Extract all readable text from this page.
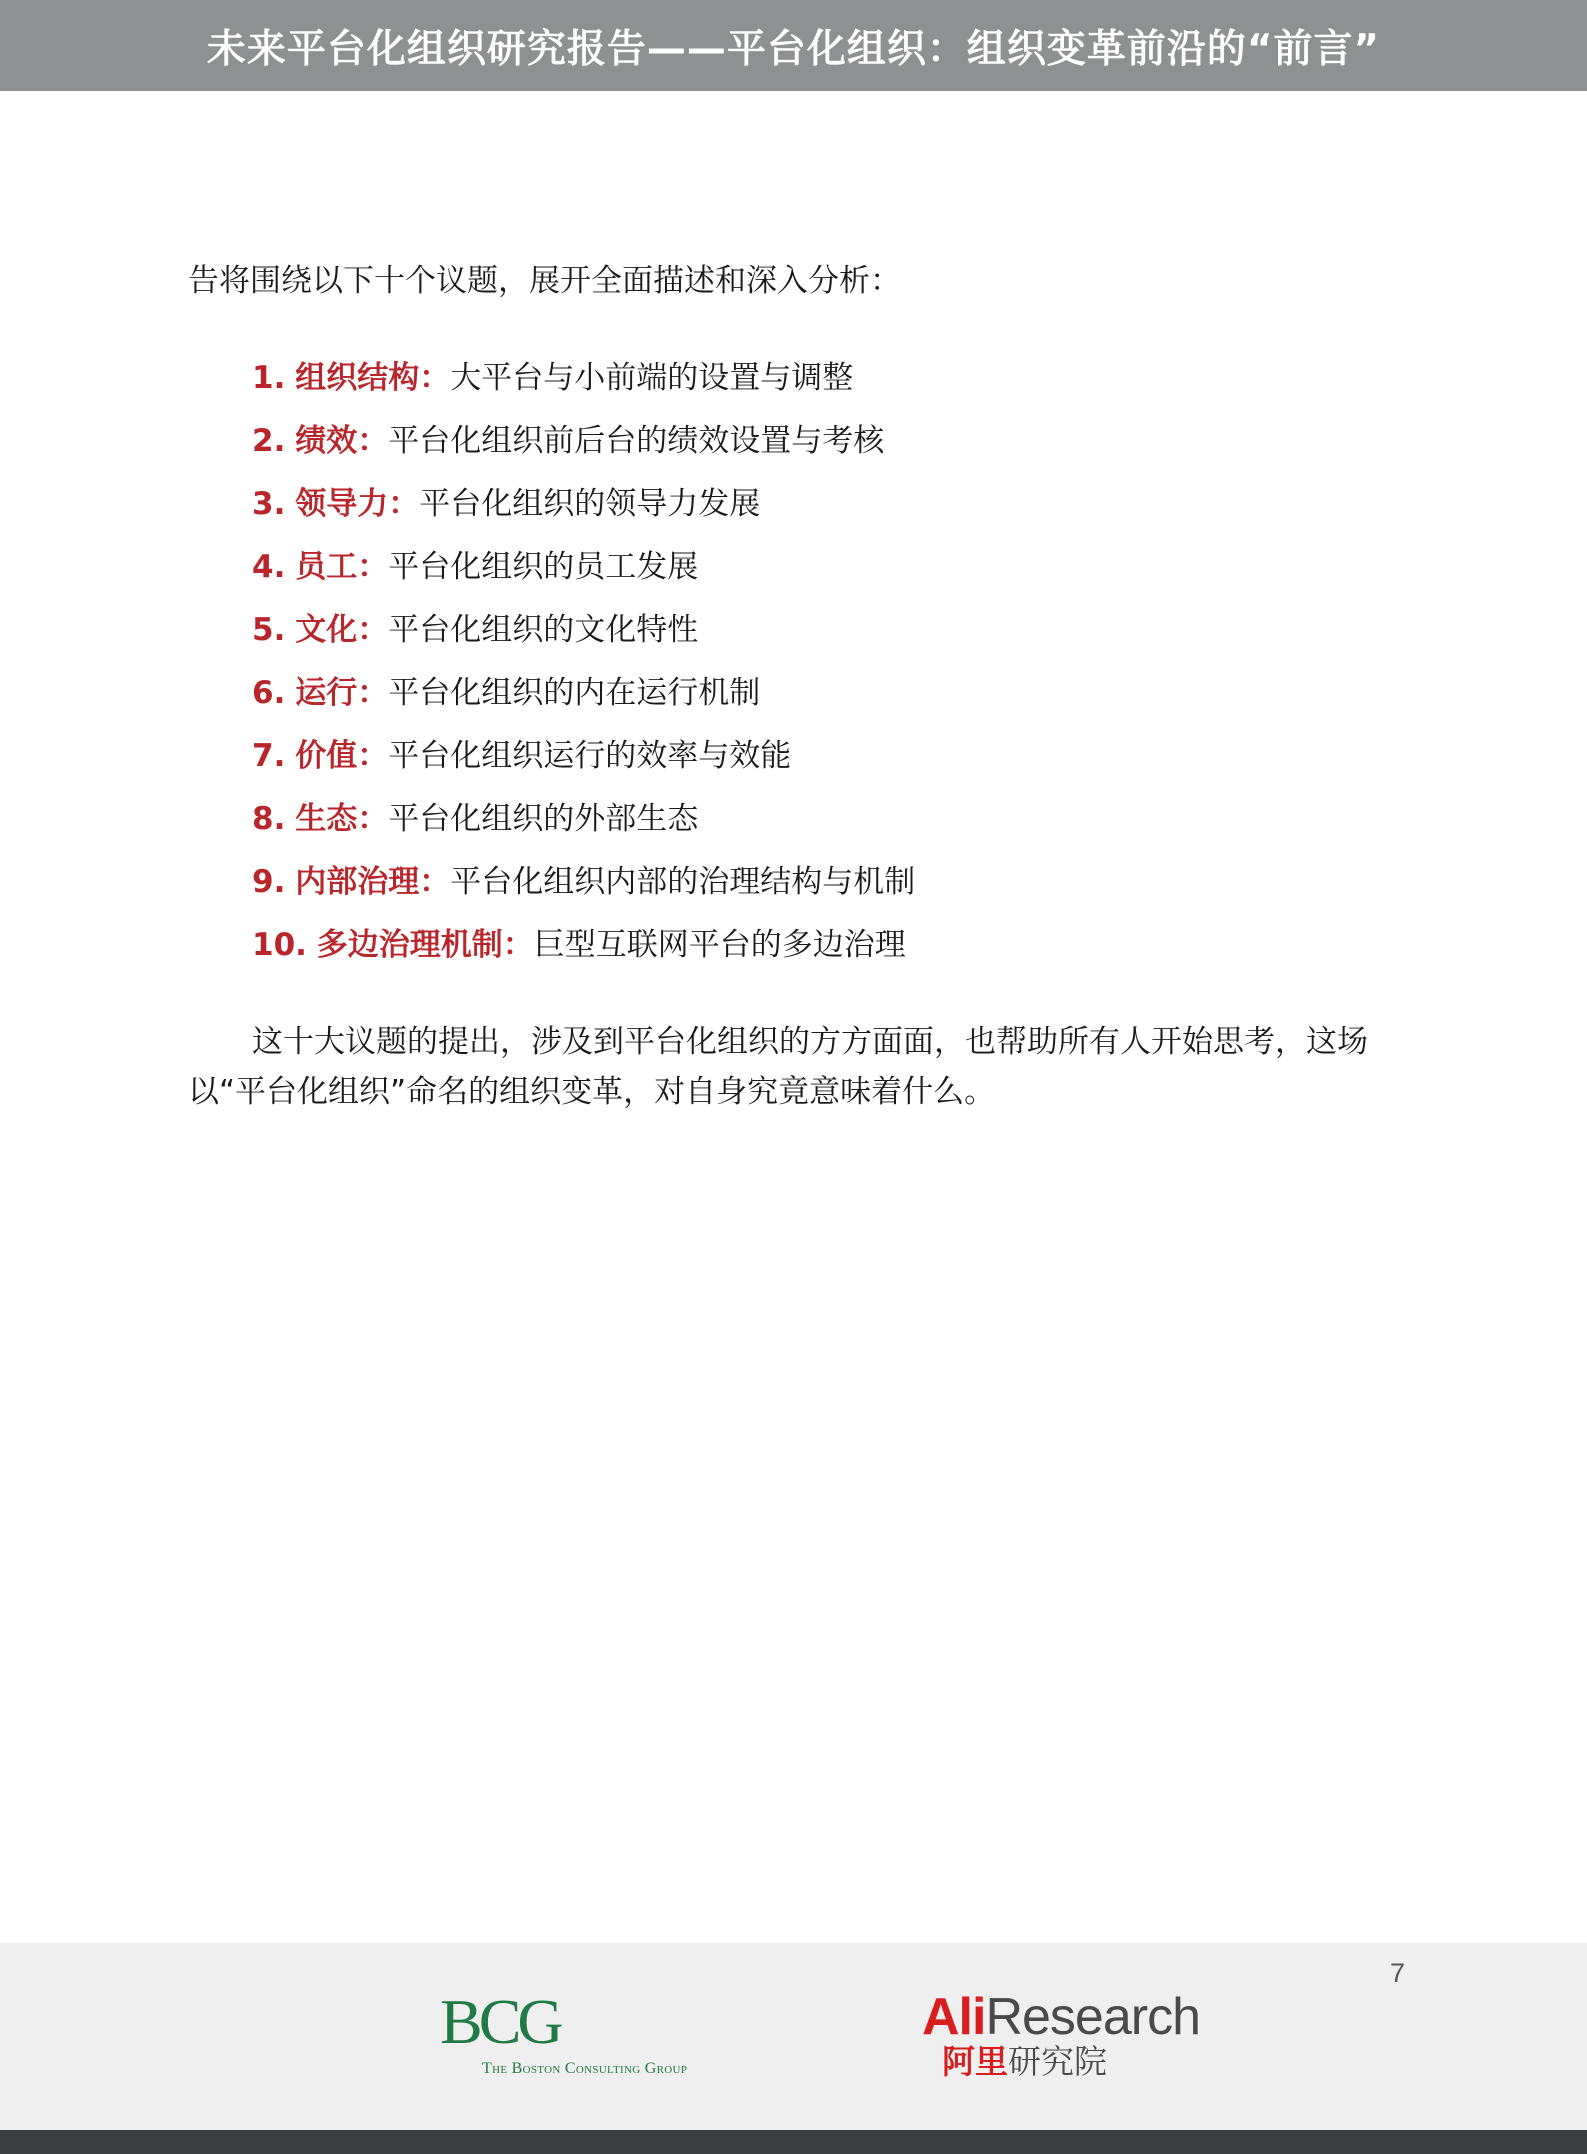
未来平台化组织研究报告——平台化组织：组织变革前沿的“前言”
告将围绕以下十个议题，展开全面描述和深入分析：
1. 组织结构：大平台与小前端的设置与调整
2. 绩效：平台化组织前后台的绩效设置与考核
3. 领导力：平台化组织的领导力发展
4. 员工：平台化组织的员工发展
5. 文化：平台化组织的文化特性
6. 运行：平台化组织的内在运行机制
7. 价值：平台化组织运行的效率与效能
8. 生态：平台化组织的外部生态
9. 内部治理：平台化组织内部的治理结构与机制
10. 多边治理机制：巨型互联网平台的多边治理

这十大议题的提出，涉及到平台化组织的方方面面，也帮助所有人开始思考，这场以“平台化组织”命名的组织变革，对自身究竟意味着什么。

7
BCG
The Boston Consulting Group
AliResearch
阿里研究院
